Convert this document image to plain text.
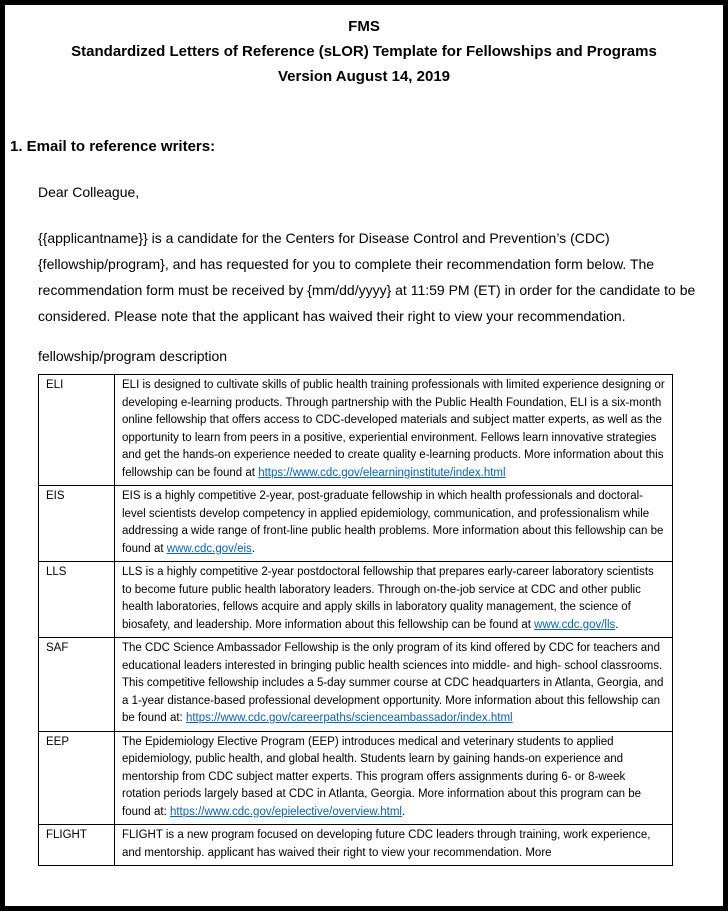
FMS
Standardized Letters of Reference (sLOR) Template for Fellowships and Programs
Version August 14, 2019
1. Email to reference writers:
Dear Colleague,
{{applicantname}} is a candidate for the Centers for Disease Control and Prevention’s (CDC) {fellowship/program}, and has requested for you to complete their recommendation form below. The recommendation form must be received by {mm/dd/yyyy} at 11:59 PM (ET) in order for the candidate to be considered. Please note that the applicant has waived their right to view your recommendation.
fellowship/program description
ELI	ELI is designed to cultivate skills of public health training professionals with limited experience designing or developing e-learning products. Through partnership with the Public Health Foundation, ELI is a six-month online fellowship that offers access to CDC-developed materials and subject matter experts, as well as the opportunity to learn from peers in a positive, experiential environment. Fellows learn innovative strategies and get the hands-on experience needed to create quality e-learning products. More information about this fellowship can be found at https://www.cdc.gov/elearninginstitute/index.html
EIS	EIS is a highly competitive 2-year, post-graduate fellowship in which health professionals and doctoral-level scientists develop competency in applied epidemiology, communication, and professionalism while addressing a wide range of front-line public health problems. More information about this fellowship can be found at www.cdc.gov/eis.
LLS	LLS is a highly competitive 2-year postdoctoral fellowship that prepares early-career laboratory scientists to become future public health laboratory leaders. Through on-the-job service at CDC and other public health laboratories, fellows acquire and apply skills in laboratory quality management, the science of biosafety, and leadership. More information about this fellowship can be found at www.cdc.gov/lls.
SAF	The CDC Science Ambassador Fellowship is the only program of its kind offered by CDC for teachers and educational leaders interested in bringing public health sciences into middle- and high- school classrooms. This competitive fellowship includes a 5-day summer course at CDC headquarters in Atlanta, Georgia, and a 1-year distance-based professional development opportunity. More information about this fellowship can be found at: https://www.cdc.gov/careerpaths/scienceambassador/index.html
EEP	The Epidemiology Elective Program (EEP) introduces medical and veterinary students to applied epidemiology, public health, and global health. Students learn by gaining hands-on experience and mentorship from CDC subject matter experts. This program offers assignments during 6- or 8-week rotation periods largely based at CDC in Atlanta, Georgia. More information about this program can be found at: https://www.cdc.gov/epielective/overview.html.
FLIGHT	FLIGHT is a new program focused on developing future CDC leaders through training, work experience, and mentorship. applicant has waived their right to view your recommendation. More
